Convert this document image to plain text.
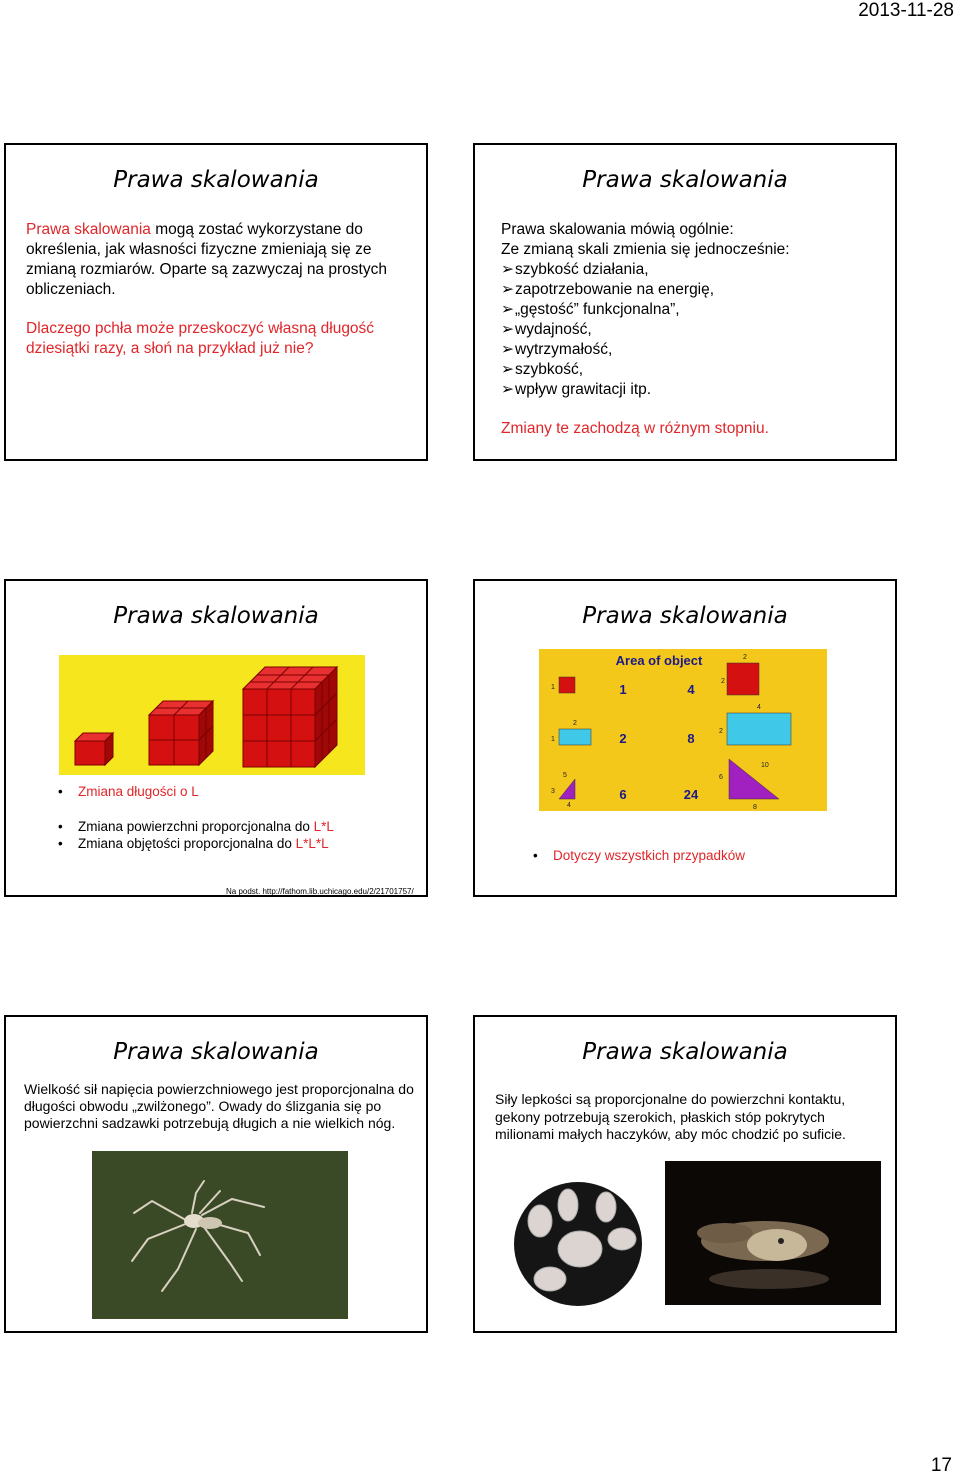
2013-11-28
Prawa skalowania
Prawa skalowania mogą zostać wykorzystane do określenia, jak własności fizyczne zmieniają się ze zmianą rozmiarów. Oparte są zazwyczaj na prostych obliczeniach.
Dlaczego pchła może przeskoczyć własną długość dziesiątki razy, a słoń na przykład już nie?
Prawa skalowania
Prawa skalowania mówią ogólnie:
Ze zmianą skali zmienia się jednocześnie:
➢ szybkość działania,
➢ zapotrzebowanie na energię,
➢ „gęstość” funkcjonalna”,
➢ wydajność,
➢ wytrzymałość,
➢ szybkość,
➢ wpływ grawitacji itp.
Zmiany te zachodzą w różnym stopniu.
Prawa skalowania
• Zmiana długości o L
• Zmiana powierzchni proporcjonalna do L*L
• Zmiana objętości proporcjonalna do L*L*L
Na podst. http://fathom.lib.uchicago.edu/2/21701757/
Prawa skalowania
Area of object
1	4
2	8
6	24
2
2
1
2
1
4
2
5
3
4
10
6
8
• Dotyczy wszystkich przypadków
Prawa skalowania
Wielkość sił napięcia powierzchniowego jest proporcjonalna do długości obwodu „zwilżonego”. Owady do ślizgania się po powierzchni sadzawki potrzebują długich a nie wielkich nóg.
Prawa skalowania
Siły lepkości są proporcjonalne do powierzchni kontaktu, gekony potrzebują szerokich, płaskich stóp pokrytych milionami małych haczyków, aby móc chodzić po suficie.
17
